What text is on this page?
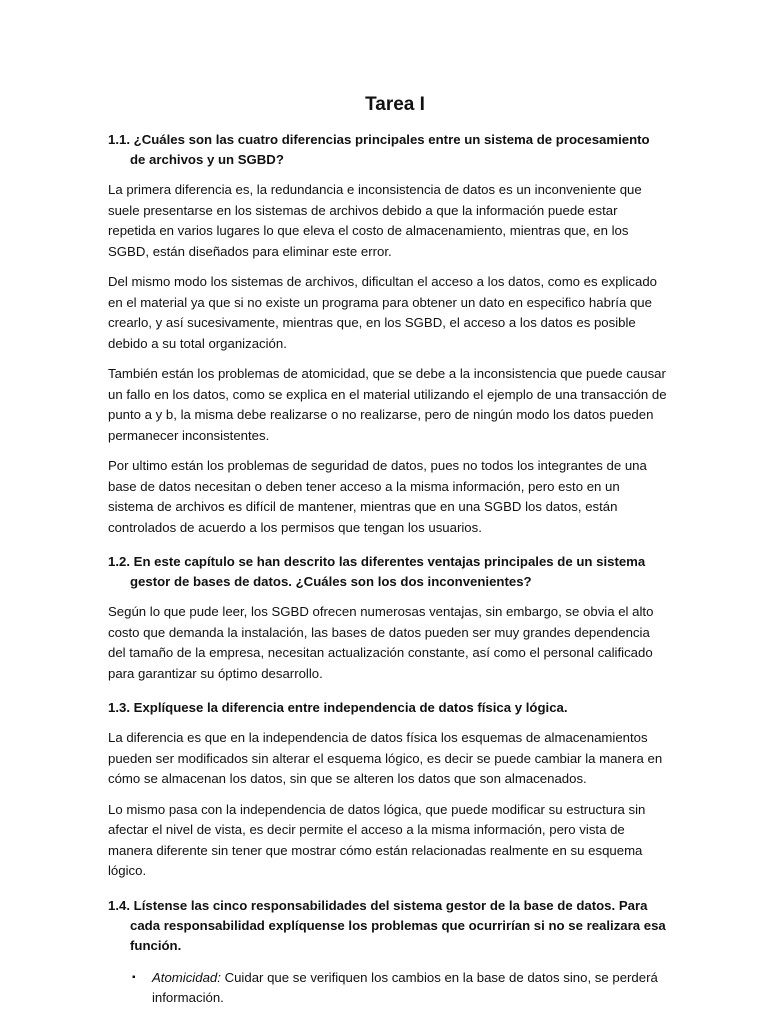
Tarea I

1.1. ¿Cuáles son las cuatro diferencias principales entre un sistema de procesamiento de archivos y un SGBD?

La primera diferencia es, la redundancia e inconsistencia de datos es un inconveniente que suele presentarse en los sistemas de archivos debido a que la información puede estar repetida en varios lugares lo que eleva el costo de almacenamiento, mientras que, en los SGBD, están diseñados para eliminar este error.

Del mismo modo los sistemas de archivos, dificultan el acceso a los datos, como es explicado en el material ya que si no existe un programa para obtener un dato en especifico habría que crearlo, y así sucesivamente, mientras que, en los SGBD, el acceso a los datos es posible debido a su total organización.

También están los problemas de atomicidad, que se debe a la inconsistencia que puede causar un fallo en los datos, como se explica en el material utilizando el ejemplo de una transacción de punto a y b, la misma debe realizarse o no realizarse, pero de ningún modo los datos pueden permanecer inconsistentes.

Por ultimo están los problemas de seguridad de datos, pues no todos los integrantes de una base de datos necesitan o deben tener acceso a la misma información, pero esto en un sistema de archivos es difícil de mantener, mientras que en una SGBD los datos, están controlados de acuerdo a los permisos que tengan los usuarios.

1.2. En este capítulo se han descrito las diferentes ventajas principales de un sistema gestor de bases de datos. ¿Cuáles son los dos inconvenientes?

Según lo que pude leer, los SGBD ofrecen numerosas ventajas, sin embargo, se obvia el alto costo que demanda la instalación, las bases de datos pueden ser muy grandes dependencia del tamaño de la empresa, necesitan actualización constante, así como el personal calificado para garantizar su óptimo desarrollo.

1.3. Explíquese la diferencia entre independencia de datos física y lógica.

La diferencia es que en la independencia de datos física los esquemas de almacenamientos pueden ser modificados sin alterar el esquema lógico, es decir se puede cambiar la manera en cómo se almacenan los datos, sin que se alteren los datos que son almacenados.

Lo mismo pasa con la independencia de datos lógica, que puede modificar su estructura sin afectar el nivel de vista, es decir permite el acceso a la misma información, pero vista de manera diferente sin tener que mostrar cómo están relacionadas realmente en su esquema lógico.

1.4. Lístense las cinco responsabilidades del sistema gestor de la base de datos. Para cada responsabilidad explíquense los problemas que ocurrirían si no se realizara esa función.

▪ Atomicidad: Cuidar que se verifiquen los cambios en la base de datos sino, se perderá información.
